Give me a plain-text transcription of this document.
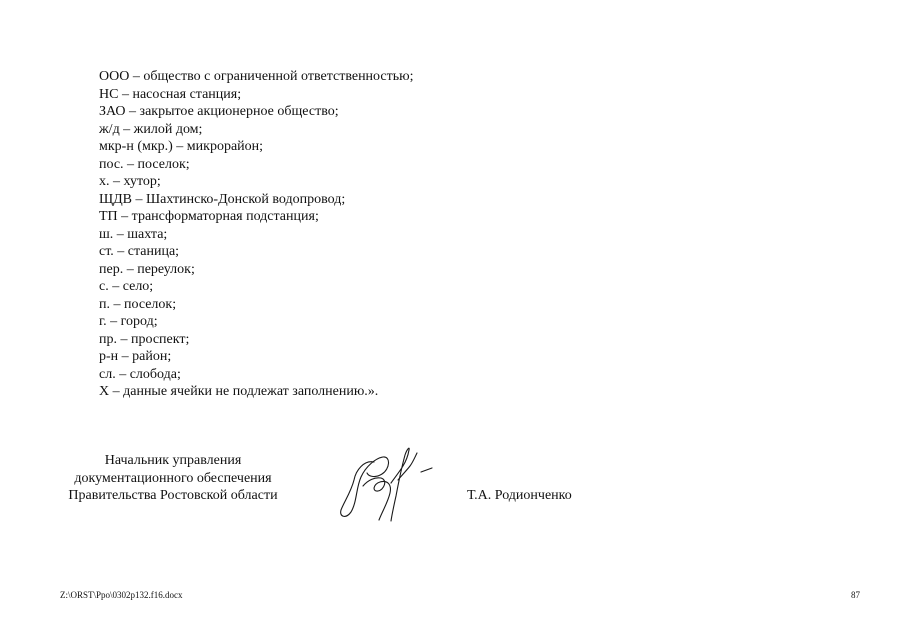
ООО – общество с ограниченной ответственностью;
НС – насосная станция;
ЗАО – закрытое акционерное общество;
ж/д – жилой дом;
мкр-н (мкр.) – микрорайон;
пос. – поселок;
х. – хутор;
ЩДВ – Шахтинско-Донской водопровод;
ТП – трансформаторная подстанция;
ш. – шахта;
ст. – станица;
пер. – переулок;
с. – село;
п. – поселок;
г. – город;
пр. – проспект;
р-н – район;
сл. – слобода;
Х – данные ячейки не подлежат заполнению.».
Начальник управления
документационного обеспечения
Правительства Ростовской области	Т.А. Родионченко
Z:\ORST\Ppo\0302p132.f16.docx	87
